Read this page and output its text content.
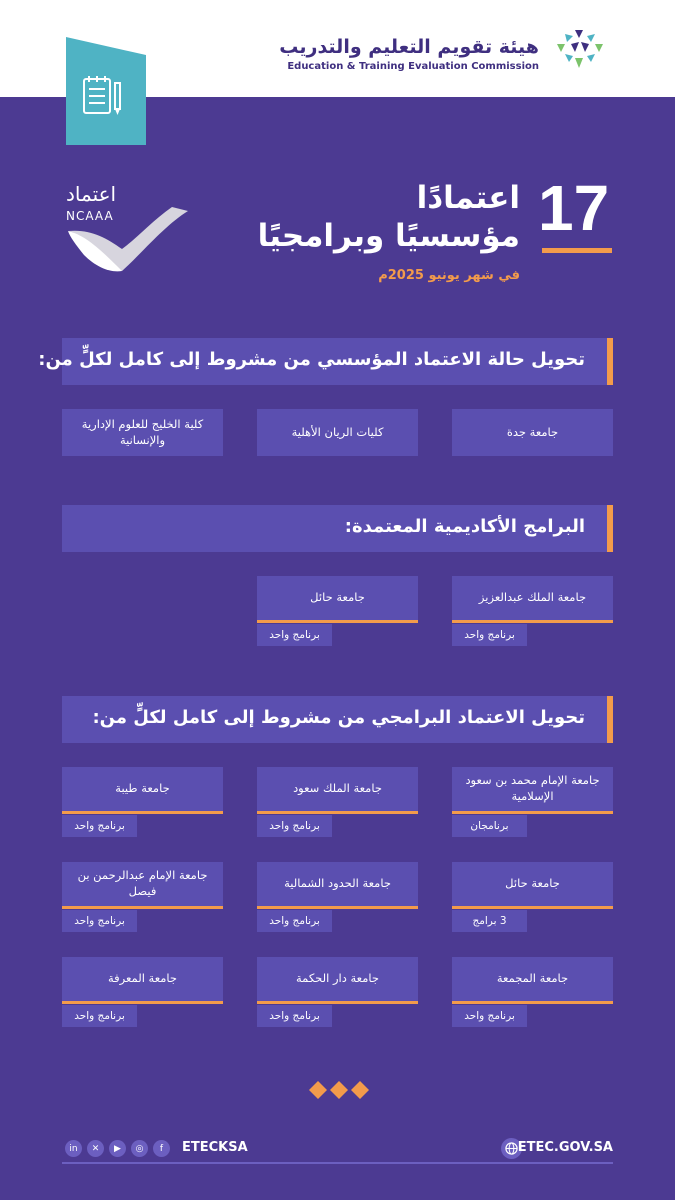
هيئة تقويم التعليم والتدريب
Education & Training Evaluation Commission
اعتماد
NCAAA	17
اعتمادًا
مؤسسيًا وبرامجيًا
في شهر يونيو 2025م
تحويل حالة الاعتماد المؤسسي من مشروط إلى كامل لكلٍّ من:
جامعة جدة
كليات الريان الأهلية
كلية الخليج للعلوم الإدارية والإنسانية
البرامج الأكاديمية المعتمدة:
جامعة الملك عبدالعزيز
برنامج واحد
جامعة حائل
برنامج واحد
تحويل الاعتماد البرامجي من مشروط إلى كامل لكلٍّ من:
جامعة الإمام محمد بن سعود الإسلامية
برنامجان
جامعة الملك سعود
برنامج واحد
جامعة طيبة
برنامج واحد
جامعة حائل
3 برامج
جامعة الحدود الشمالية
برنامج واحد
جامعة الإمام عبدالرحمن بن فيصل
برنامج واحد
جامعة المجمعة
برنامج واحد
جامعة دار الحكمة
برنامج واحد
جامعة المعرفة
برنامج واحد
in	✕	▶	◎	f	ETECKSA	ETEC.GOV.SA
